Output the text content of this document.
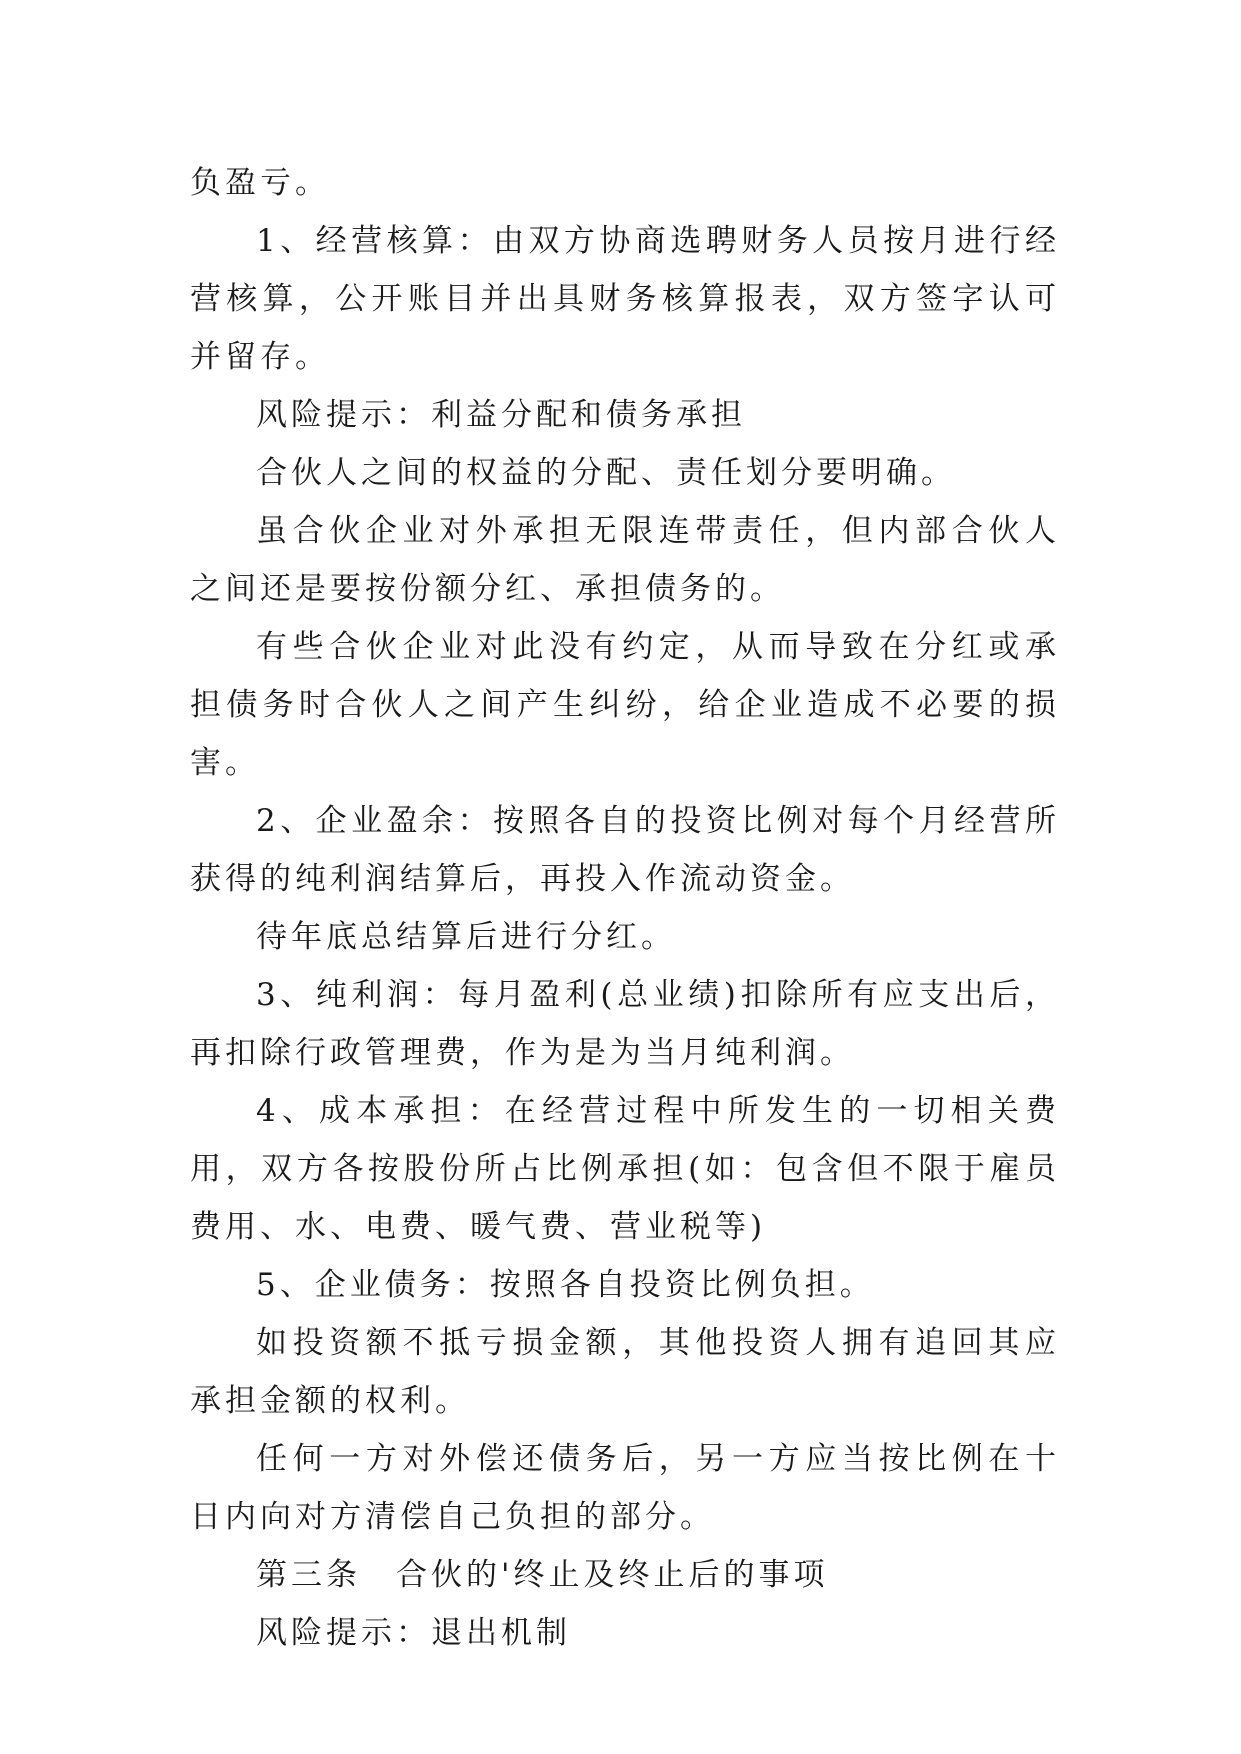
负盈亏。

1、经营核算：由双方协商选聘财务人员按月进行经营核算，公开账目并出具财务核算报表，双方签字认可并留存。

风险提示：利益分配和债务承担

合伙人之间的权益的分配、责任划分要明确。

虽合伙企业对外承担无限连带责任，但内部合伙人之间还是要按份额分红、承担债务的。

有些合伙企业对此没有约定，从而导致在分红或承担债务时合伙人之间产生纠纷，给企业造成不必要的损害。

2、企业盈余：按照各自的投资比例对每个月经营所获得的纯利润结算后，再投入作流动资金。

待年底总结算后进行分红。

3、纯利润：每月盈利(总业绩)扣除所有应支出后，再扣除行政管理费，作为是为当月纯利润。

4、成本承担：在经营过程中所发生的一切相关费用，双方各按股份所占比例承担(如：包含但不限于雇员费用、水、电费、暖气费、营业税等)

5、企业债务：按照各自投资比例负担。

如投资额不抵亏损金额，其他投资人拥有追回其应承担金额的权利。

任何一方对外偿还债务后，另一方应当按比例在十日内向对方清偿自己负担的部分。

第三条　合伙的'终止及终止后的事项

风险提示：退出机制
